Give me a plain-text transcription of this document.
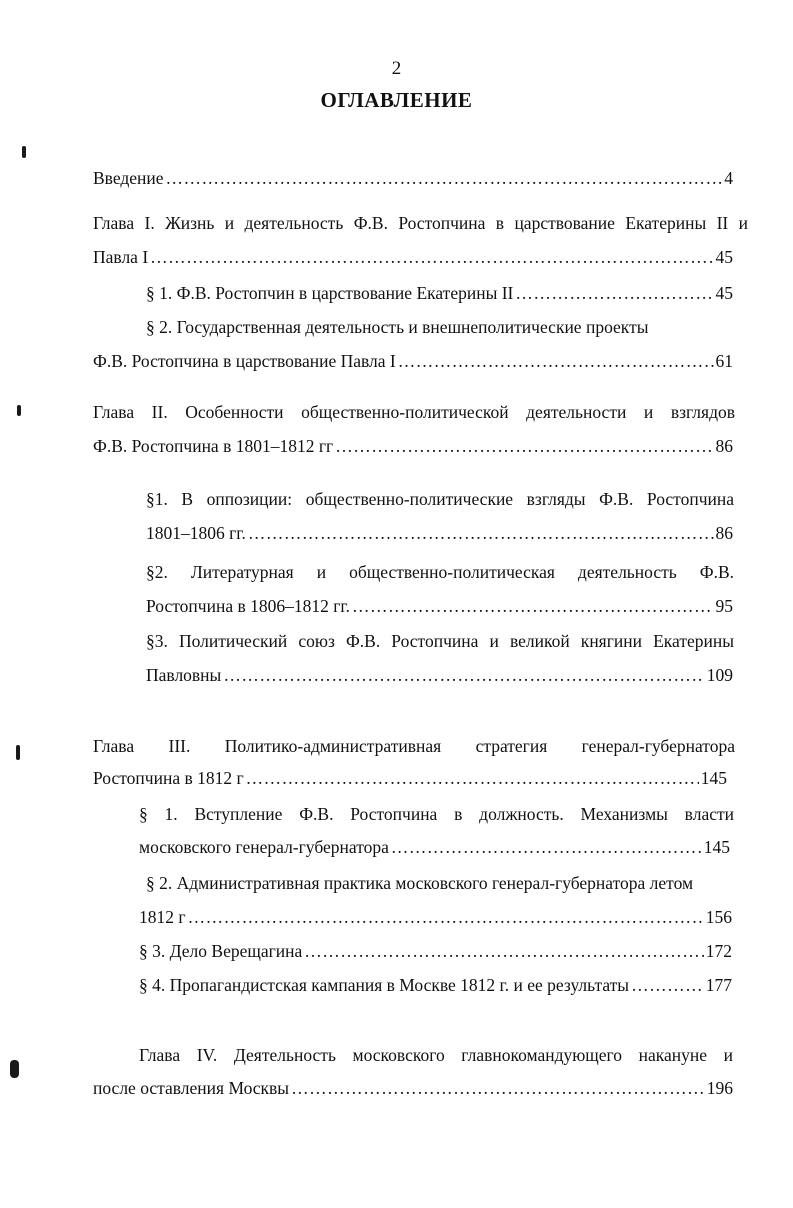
2
ОГЛАВЛЕНИЕ
Введение …………………………………………………………………………………………………………………………………………………………………………………………………………	4
Глава I. Жизнь и деятельность Ф.В. Ростопчина в царствование Екатерины II и
Павла I …………………………………………………………………………………………………………………………………………………………………………………………………………	45
§ 1. Ф.В. Ростопчин в царствование Екатерины II …………………………………………………………………………………………………………………………………………………………………………………………………………	45
§ 2. Государственная деятельность и внешнеполитические проекты
Ф.В. Ростопчина в царствование Павла I …………………………………………………………………………………………………………………………………………………………………………………………………………	61
Глава II. Особенности общественно-политической деятельности и взглядов
Ф.В. Ростопчина в 1801–1812 гг …………………………………………………………………………………………………………………………………………………………………………………………………………	86
§1. В оппозиции: общественно-политические взгляды Ф.В. Ростопчина
1801–1806 гг. …………………………………………………………………………………………………………………………………………………………………………………………………………	86
§2. Литературная и общественно-политическая деятельность Ф.В.
Ростопчина в 1806–1812 гг. …………………………………………………………………………………………………………………………………………………………………………………………………………	95
§3. Политический союз Ф.В. Ростопчина и великой княгини Екатерины
Павловны …………………………………………………………………………………………………………………………………………………………………………………………………………	109
Глава III. Политико-административная стратегия генерал-губернатора
Ростопчина в 1812 г …………………………………………………………………………………………………………………………………………………………………………………………………………	145
§ 1. Вступление Ф.В. Ростопчина в должность. Механизмы власти
московского генерал-губернатора …………………………………………………………………………………………………………………………………………………………………………………………………………	145
§ 2. Административная практика московского генерал-губернатора летом
1812 г …………………………………………………………………………………………………………………………………………………………………………………………………………	156
§ 3. Дело Верещагина …………………………………………………………………………………………………………………………………………………………………………………………………………	172
§ 4. Пропагандистская кампания в Москве 1812 г. и ее результаты …………………………………………………………………………………………………………………………………………………………………………………………………………	177
Глава IV. Деятельность московского главнокомандующего накануне и
после оставления Москвы …………………………………………………………………………………………………………………………………………………………………………………………………………	196
